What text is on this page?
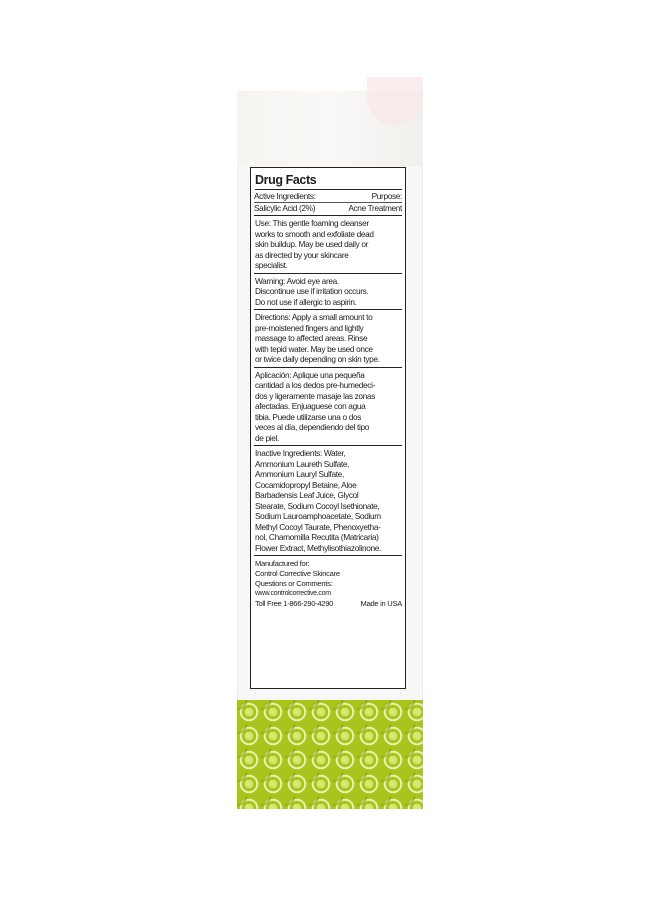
Drug Facts
Active Ingredients:	Purpose:
Salicylic Acid (2%)	Acne Treatment
Use: This gentle foaming cleanser
works to smooth and exfoliate dead
skin buildup. May be used daily or
as directed by your skincare
specialist.
Warning: Avoid eye area.
Discontinue use if irritation occurs.
Do not use if allergic to aspirin.
Directions: Apply a small amount to
pre-moistened fingers and lightly
massage to affected areas. Rinse
with tepid water. May be used once
or twice daily depending on skin type.
Aplicación: Aplique una pequeña
cantidad a los dedos pre-humedeci-
dos y ligeramente masaje las zonas
afectadas. Enjuaguese con agua
tibia. Puede utilizarse una o dos
veces al día, dependiendo del tipo
de piel.
Inactive Ingredients: Water,
Ammonium Laureth Sulfate,
Ammonium Lauryl Sulfate,
Cocamidopropyl Betaine, Aloe
Barbadensis Leaf Juice, Glycol
Stearate, Sodium Cocoyl Isethionate,
Sodium Lauroamphoacetate, Sodium
Methyl Cocoyl Taurate, Phenoxyetha-
nol, Chamomilla Recutita (Matricaria)
Flower Extract, Methylisothiazolinone.
Manufactured for:
Control Corrective Skincare
Questions or Comments:
www.controlcorrective.com
Toll Free 1-866-290-4290	Made in USA
